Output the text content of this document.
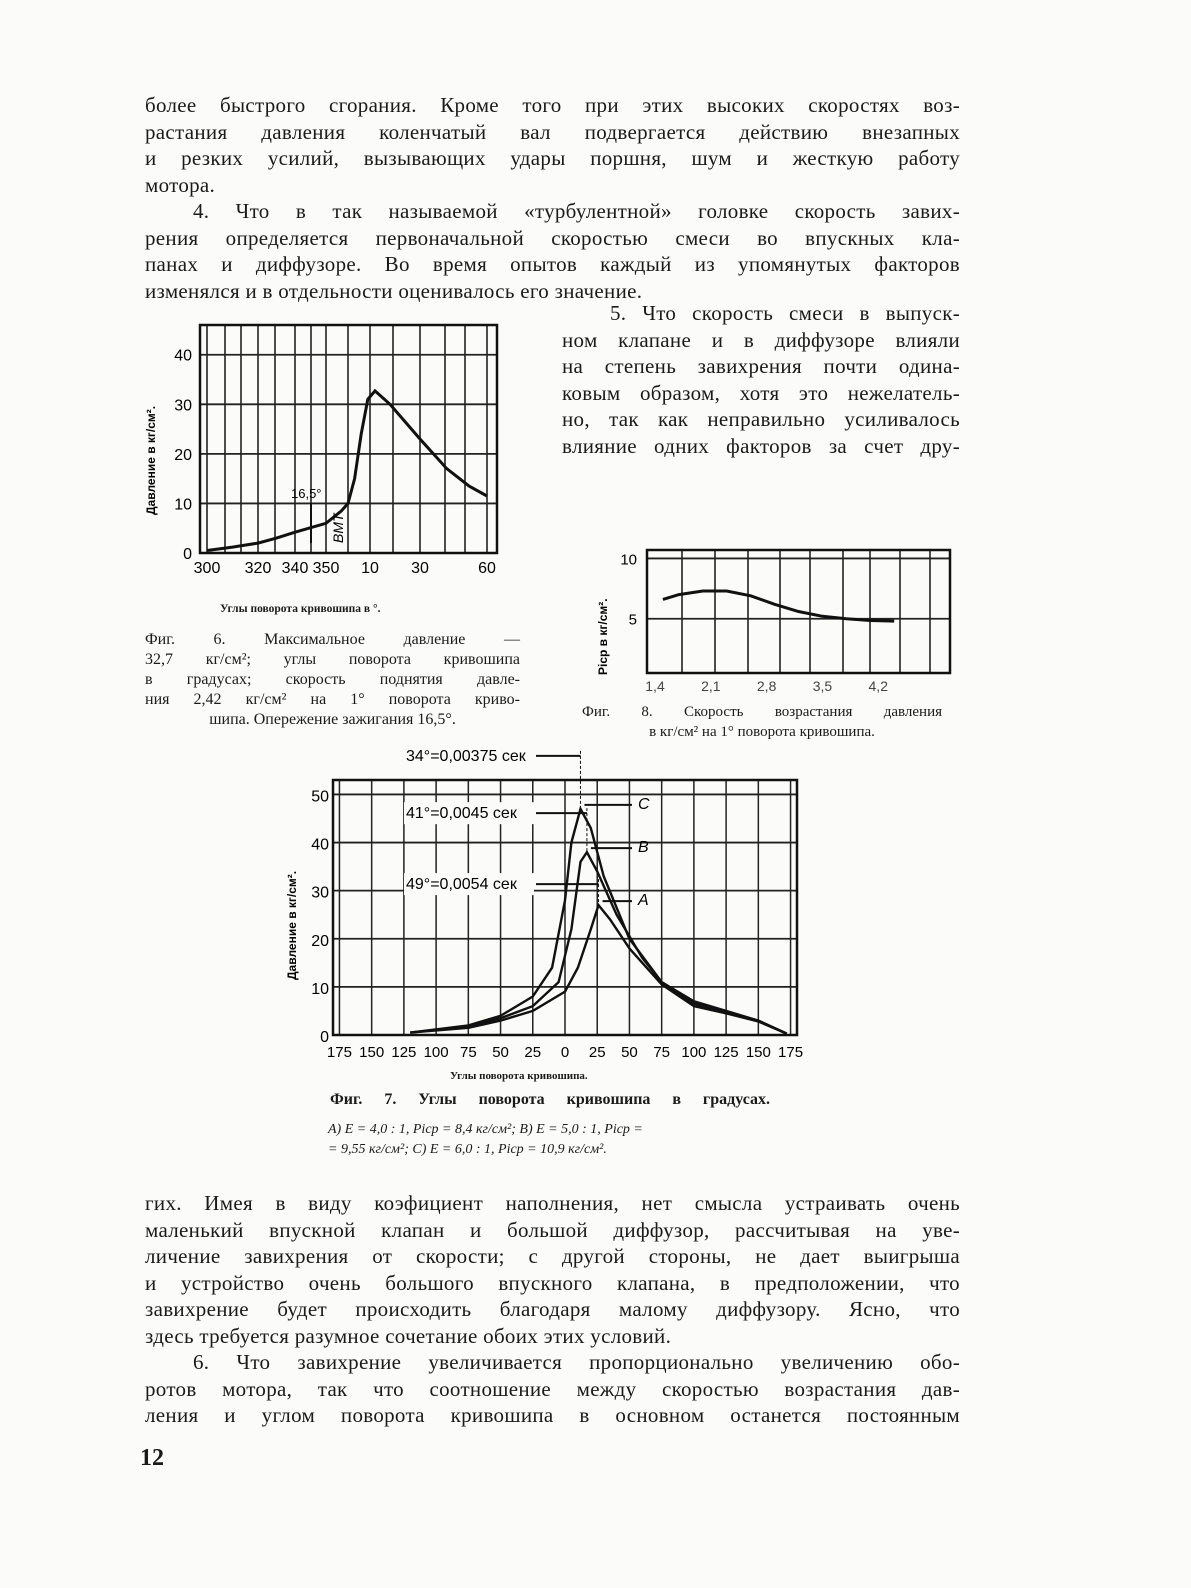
более быстрого сгорания. Кроме того при этих высоких скоростях воз-
растания давления коленчатый вал подвергается действию внезапных
и резких усилий, вызывающих удары поршня, шум и жесткую работу
мотора.
4. Что в так называемой «турбулентной» головке скорость завих-
рения определяется первоначальной скоростью смеси во впускных кла-
панах и диффузоре. Во время опытов каждый из упомянутых факторов
изменялся и в отдельности оценивалось его значение.
5. Что скорость смеси в выпуск-
ном клапане и в диффузоре влияли
на степень завихрения почти одина-
ковым образом, хотя это нежелатель-
но, так как неправильно усиливалось
влияние одних факторов за счет дру-
0
10
20
30
40
300 320 340 350 10 30	60
16,5°
ВМТ
Давление в кг/см².
Углы поворота кривошипа в °.
Фиг. 6. Максимальное давление —
32,7 кг/см²; углы поворота кривошипа
в градусах; скорость поднятия давле-
ния 2,42 кг/см² на 1° поворота криво-
шипа. Опережение зажигания 16,5°.
5
10
1,4	2,1	2,8	3,5	4,2
Piср в кг/см².
Фиг. 8. Скорость возрастания давления
в кг/см² на 1° поворота кривошипа.
175 150 125 100 75 50 25 0 25 50 75 100 125 150 175
0
10
20
30
40
50
34°=0,00375 сек
C
41°=0,0045 сек
B
49°=0,0054 сек
A
Давление в кг/см².
Углы поворота кривошипа.
Фиг. 7. Углы поворота кривошипа в градусах.
A) E = 4,0 : 1, Piср = 8,4 кг/см²; B) E = 5,0 : 1, Piср =
= 9,55 кг/см²; C) E = 6,0 : 1, Piср = 10,9 кг/см².
гих. Имея в виду коэфициент наполнения, нет смысла устраивать очень
маленький впускной клапан и большой диффузор, рассчитывая на уве-
личение завихрения от скорости; с другой стороны, не дает выигрыша
и устройство очень большого впускного клапана, в предположении, что
завихрение будет происходить благодаря малому диффузору. Ясно, что
здесь требуется разумное сочетание обоих этих условий.
6. Что завихрение увеличивается пропорционально увеличению обо-
ротов мотора, так что соотношение между скоростью возрастания дав-
ления и углом поворота кривошипа в основном останется постоянным
12
